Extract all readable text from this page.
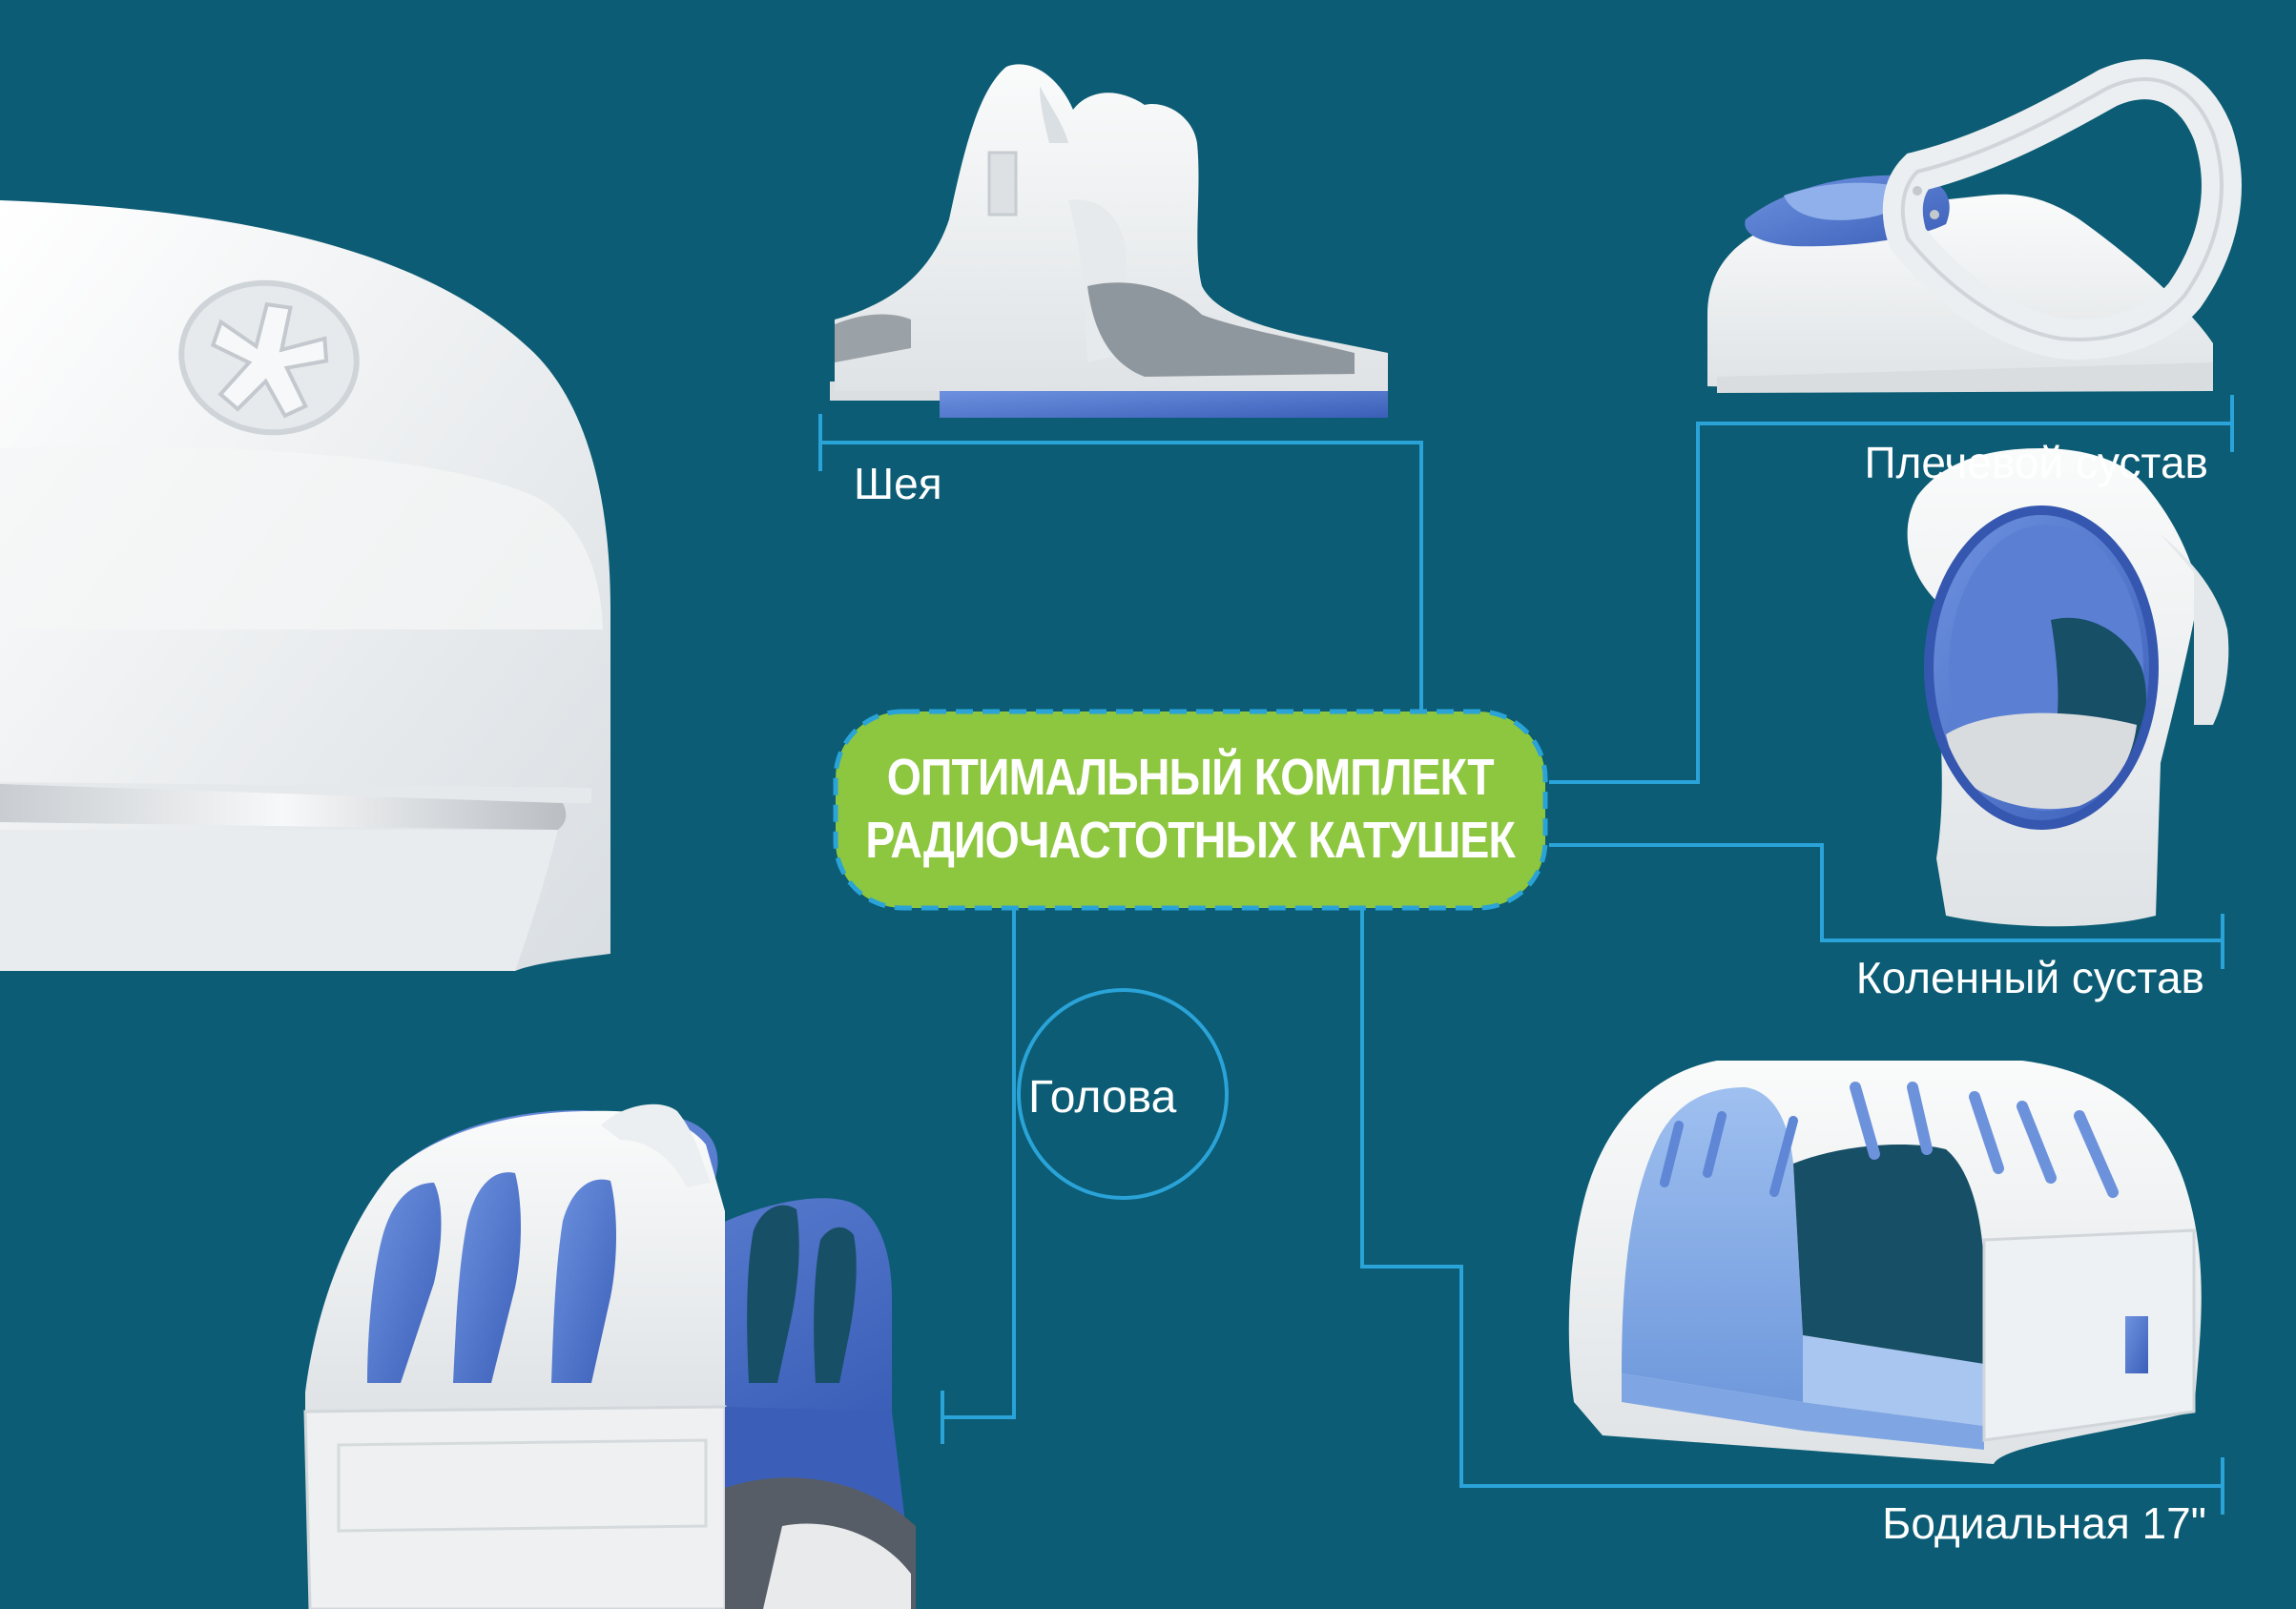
ОПТИМАЛЬНЫЙ КОМПЛЕКТ
РАДИОЧАСТОТНЫХ КАТУШЕК
Шея	Плечевой сустав
Коленный сустав
Бодиальная 17"
Голова
